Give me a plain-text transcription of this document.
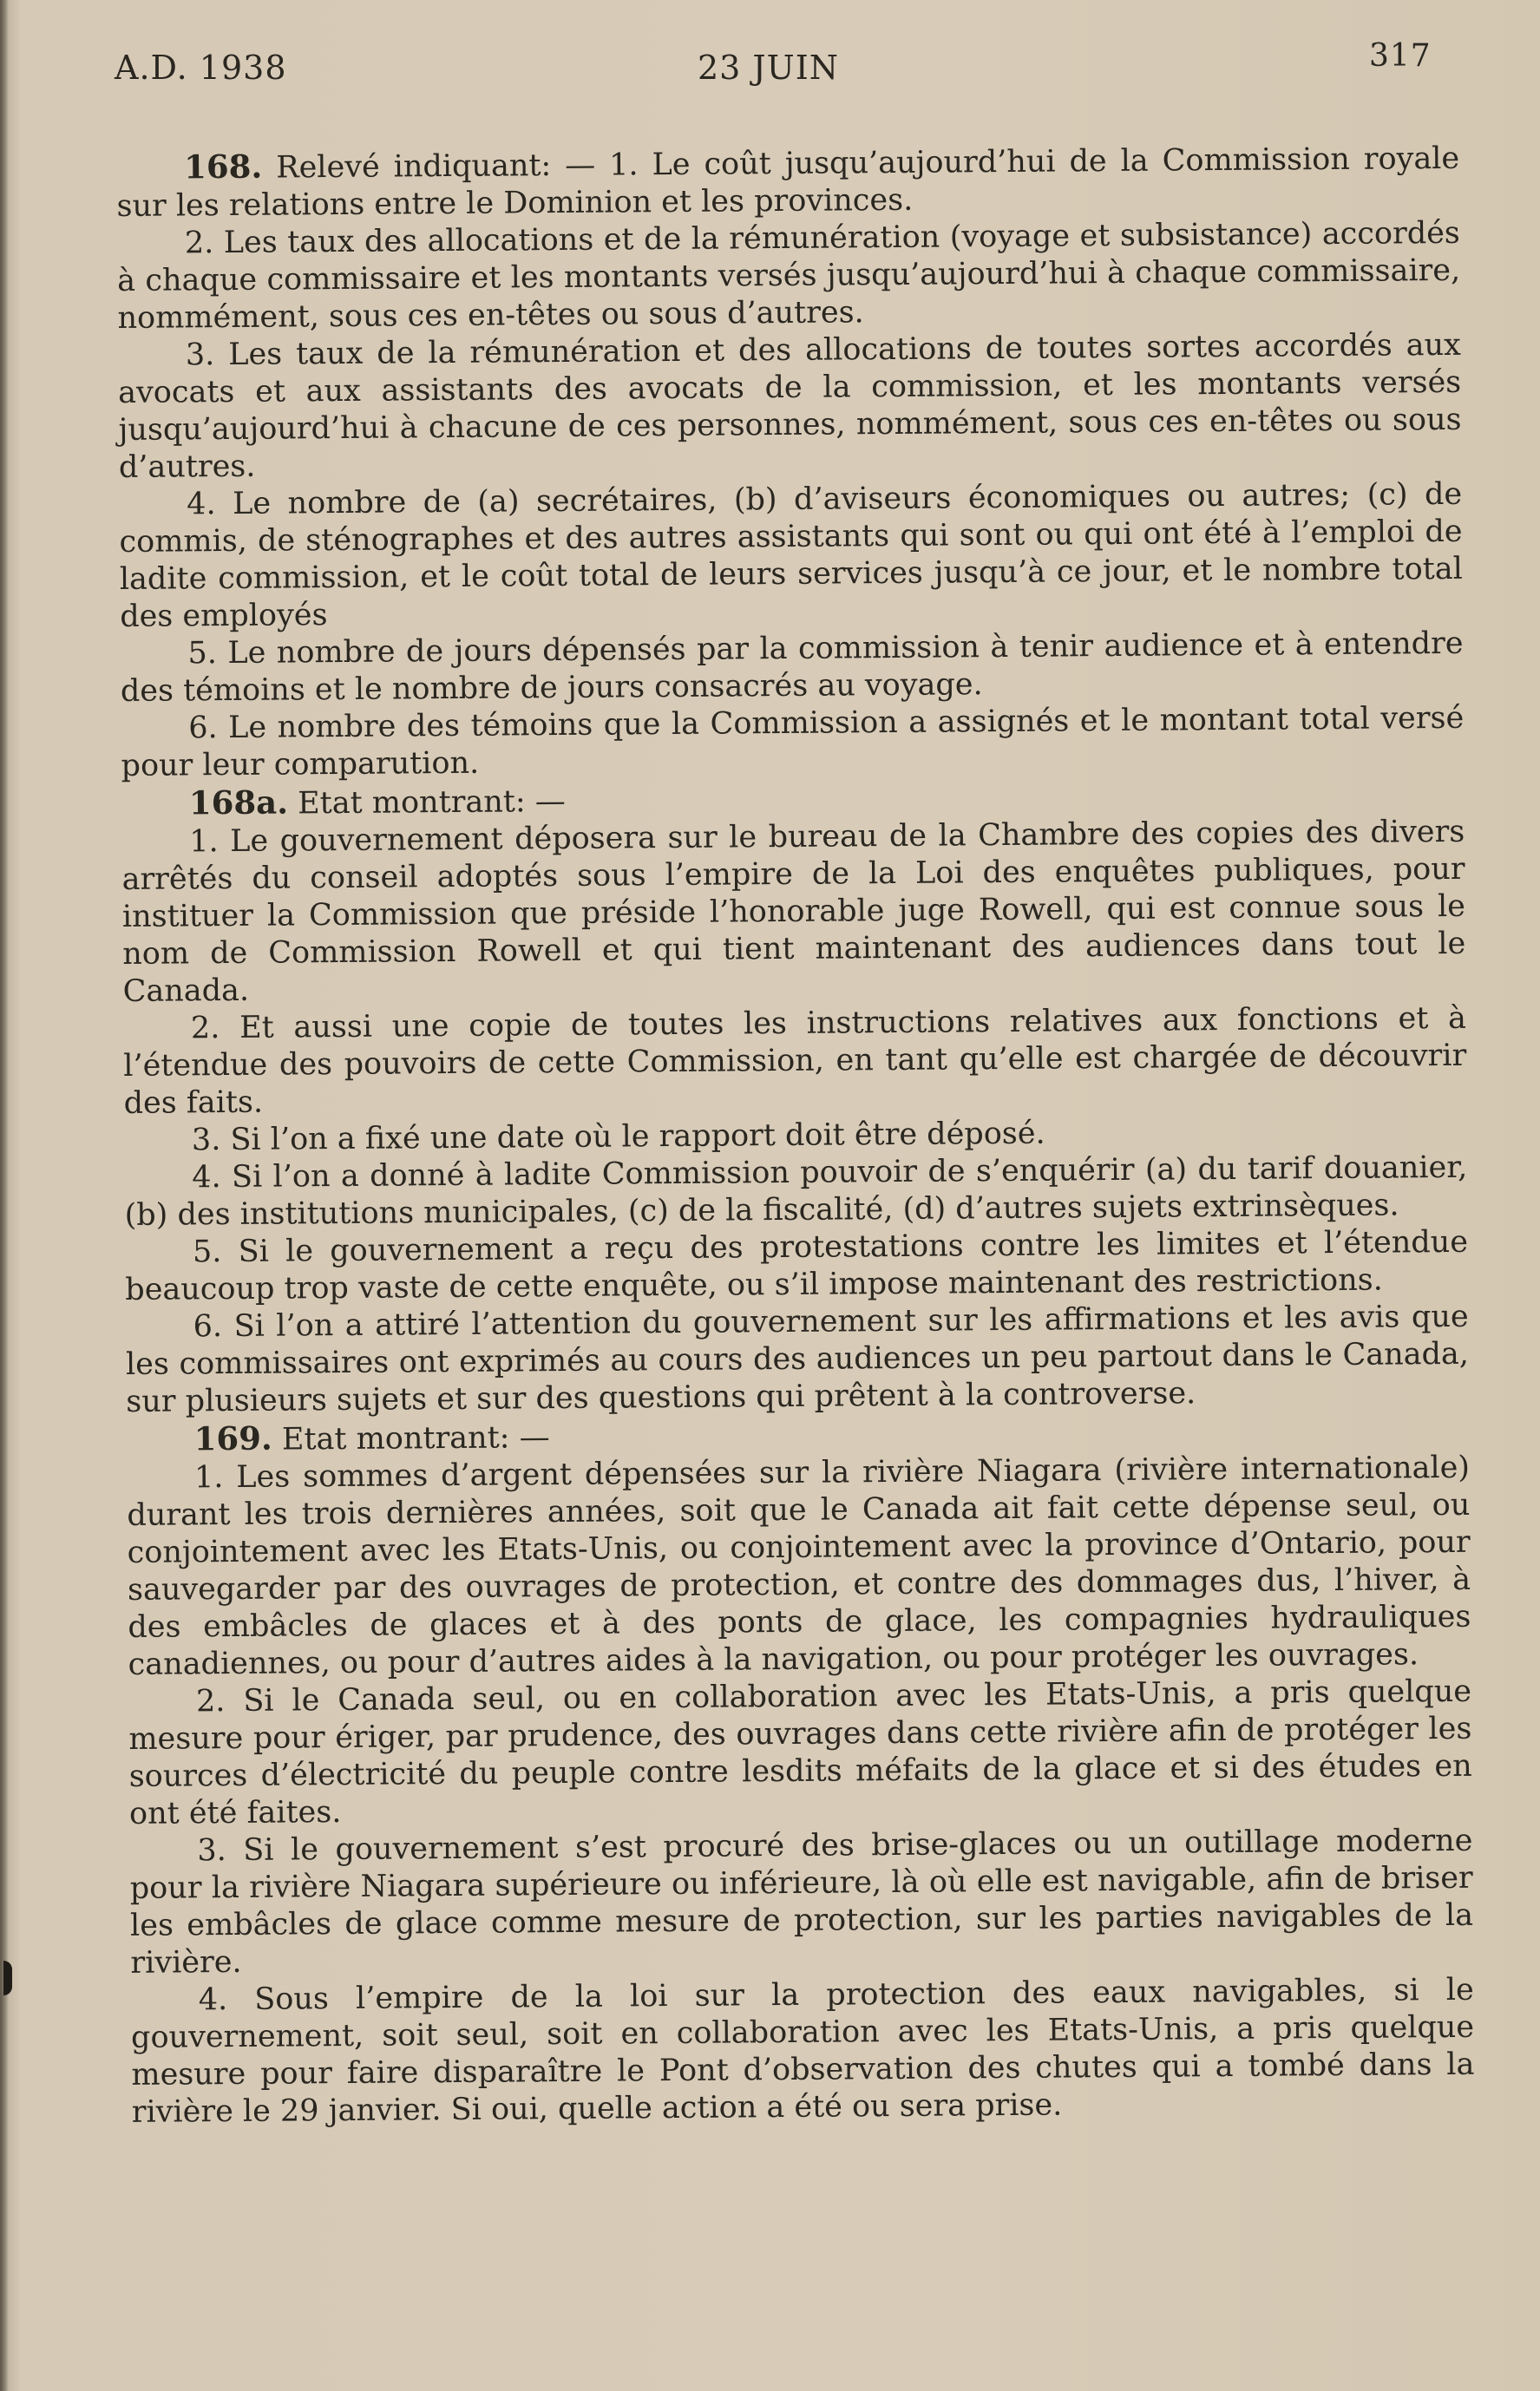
A.D. 1938	23 JUIN	317

168. Relevé indiquant: — 1. Le coût jusqu’aujourd’hui de la Commission royale sur les relations entre le Dominion et les provinces.

2. Les taux des allocations et de la rémunération (voyage et subsistance) accordés à chaque commissaire et les montants versés jusqu’aujourd’hui à chaque commissaire, nommément, sous ces en-têtes ou sous d’autres.

3. Les taux de la rémunération et des allocations de toutes sortes accordés aux avocats et aux assistants des avocats de la commission, et les montants versés jusqu’aujourd’hui à chacune de ces personnes, nommément, sous ces en-têtes ou sous d’autres.

4. Le nombre de (a) secrétaires, (b) d’aviseurs économiques ou autres; (c) de commis, de sténographes et des autres assistants qui sont ou qui ont été à l’emploi de ladite commission, et le coût total de leurs services jusqu’à ce jour, et le nombre total des employés

5. Le nombre de jours dépensés par la commission à tenir audience et à entendre des témoins et le nombre de jours consacrés au voyage.

6. Le nombre des témoins que la Commission a assignés et le montant total versé pour leur comparution.

168a. Etat montrant: —

1. Le gouvernement déposera sur le bureau de la Chambre des copies des divers arrêtés du conseil adoptés sous l’empire de la Loi des enquêtes publiques, pour instituer la Commission que préside l’honorable juge Rowell, qui est connue sous le nom de Commission Rowell et qui tient maintenant des audiences dans tout le Canada.

2. Et aussi une copie de toutes les instructions relatives aux fonctions et à l’étendue des pouvoirs de cette Commission, en tant qu’elle est chargée de découvrir des faits.

3. Si l’on a fixé une date où le rapport doit être déposé.

4. Si l’on a donné à ladite Commission pouvoir de s’enquérir (a) du tarif douanier, (b) des institutions municipales, (c) de la fiscalité, (d) d’autres sujets extrinsèques.

5. Si le gouvernement a reçu des protestations contre les limites et l’étendue beaucoup trop vaste de cette enquête, ou s’il impose maintenant des restrictions.

6. Si l’on a attiré l’attention du gouvernement sur les affirmations et les avis que les commissaires ont exprimés au cours des audiences un peu partout dans le Canada, sur plusieurs sujets et sur des questions qui prêtent à la controverse.

169. Etat montrant: —

1. Les sommes d’argent dépensées sur la rivière Niagara (rivière internationale) durant les trois dernières années, soit que le Canada ait fait cette dépense seul, ou conjointement avec les Etats-Unis, ou conjointement avec la province d’Ontario, pour sauvegarder par des ouvrages de protection, et contre des dommages dus, l’hiver, à des embâcles de glaces et à des ponts de glace, les compagnies hydrauliques canadiennes, ou pour d’autres aides à la navigation, ou pour protéger les ouvrages.

2. Si le Canada seul, ou en collaboration avec les Etats-Unis, a pris quelque mesure pour ériger, par prudence, des ouvrages dans cette rivière afin de protéger les sources d’électricité du peuple contre lesdits méfaits de la glace et si des études en ont été faites.

3. Si le gouvernement s’est procuré des brise-glaces ou un outillage moderne pour la rivière Niagara supérieure ou inférieure, là où elle est navigable, afin de briser les embâcles de glace comme mesure de protection, sur les parties navigables de la rivière.

4. Sous l’empire de la loi sur la protection des eaux navigables, si le gouvernement, soit seul, soit en collaboration avec les Etats-Unis, a pris quelque mesure pour faire disparaître le Pont d’observation des chutes qui a tombé dans la rivière le 29 janvier. Si oui, quelle action a été ou sera prise.
